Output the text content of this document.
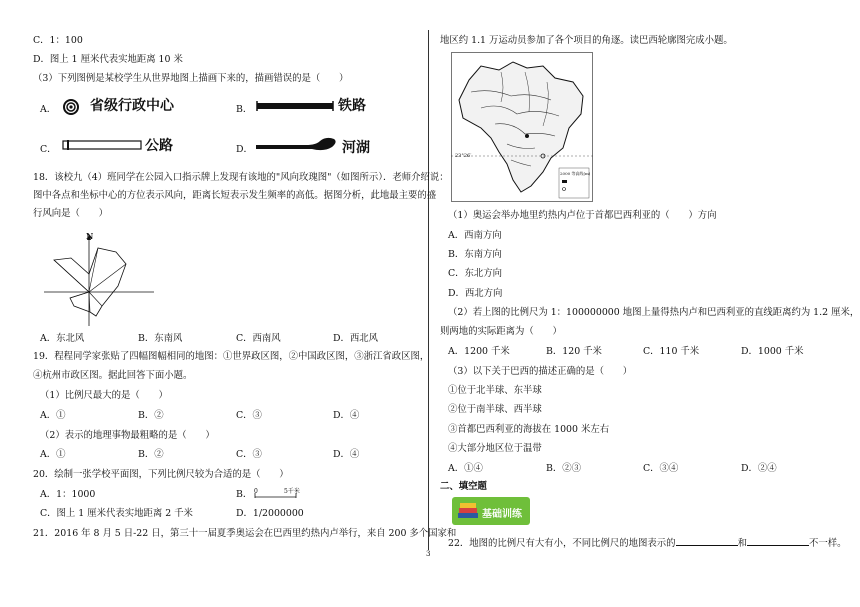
C．1：100
D．图上 1 厘米代表实地距离 10 米
（3）下列图例是某校学生从世界地图上描画下来的，描画错误的是（　　）
A． 省级行政中心	B．	铁路
C．	公路	D．	河湖
18．该校九（4）班同学在公园入口指示牌上发现有该地的"风向玫瑰图"（如图所示）．老师介绍说：
图中各点和坐标中心的方位表示风向，距离长短表示发生频率的高低。据图分析，此地最主要的盛
行风向是（　　）
N
A．东北风	B．东南风	C．西南风	D．西北风
19．程程同学家张贴了四幅图幅相同的地图：①世界政区图，②中国政区图，③浙江省政区图，
④杭州市政区图。据此回答下面小题。
（1）比例尺最大的是（　　）
A．①	B．②	C．③	D．④
（2）表示的地理事物最粗略的是（　　）
A．①	B．②	C．③	D．④
20．绘制一张学校平面图，下列比例尺较为合适的是（　　）
A．1：1000	B． 0	5千米
C．图上 1 厘米代表实地距离 2 千米	D．1/2000000
21．2016 年 8 月 5 日-22 日，第三十一届夏季奥运会在巴西里约热内卢举行，来自 200 多个国家和
地区约 1.1 万运动员参加了各个项目的角逐。读巴西轮廓图完成小题。
23°26′
2000 等高线(m)
（1）奥运会举办地里约热内卢位于首都巴西利亚的（　　）方向
A．西南方向
B．东南方向
C．东北方向
D．西北方向
（2）若上图的比例尺为 1：100000000 地图上量得热内卢和巴西利亚的直线距离约为 1.2 厘米，
则两地的实际距离为（　　）
A．1200 千米	B．120 千米	C．110 千米	D．1000 千米
（3）以下关于巴西的描述正确的是（　　）
①位于北半球、东半球
②位于南半球、西半球
③首都巴西利亚的海拔在 1000 米左右
④大部分地区位于温带
A．①④	B．②③	C．③④	D．②④
二、填空题
基础训练
22．地图的比例尺有大有小，不同比例尺的地图表示的	和	不一样。
3
